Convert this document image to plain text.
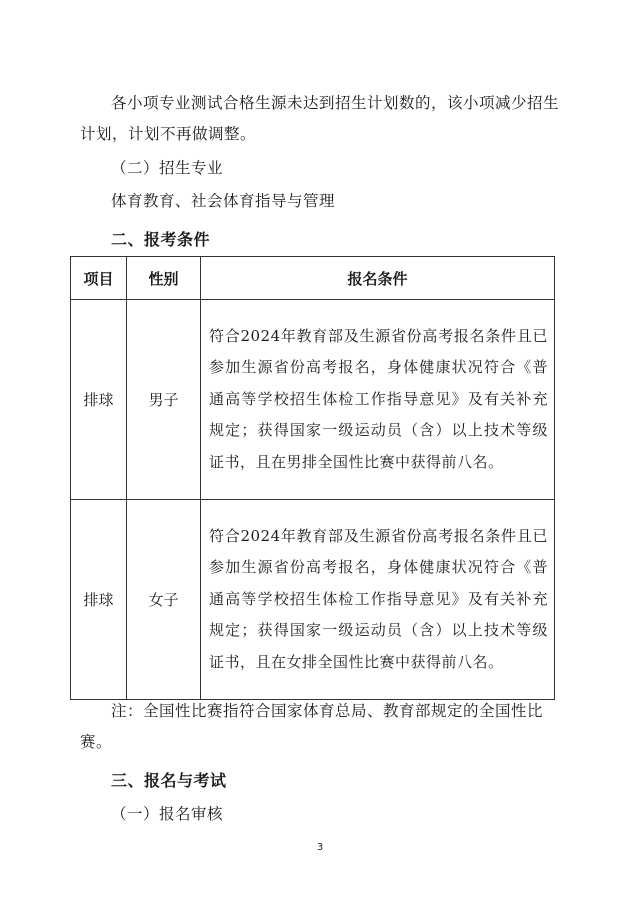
各小项专业测试合格生源未达到招生计划数的，该小项减少招生计划，计划不再做调整。

（二）招生专业

体育教育、社会体育指导与管理

二、报考条件

项目	性别	报名条件
排球	男子	符合2024年教育部及生源省份高考报名条件且已参加生源省份高考报名，身体健康状况符合《普通高等学校招生体检工作指导意见》及有关补充规定；获得国家一级运动员（含）以上技术等级证书，且在男排全国性比赛中获得前八名。
排球	女子	符合2024年教育部及生源省份高考报名条件且已参加生源省份高考报名，身体健康状况符合《普通高等学校招生体检工作指导意见》及有关补充规定；获得国家一级运动员（含）以上技术等级证书，且在女排全国性比赛中获得前八名。

注：全国性比赛指符合国家体育总局、教育部规定的全国性比赛。

三、报名与考试

（一）报名审核

3
